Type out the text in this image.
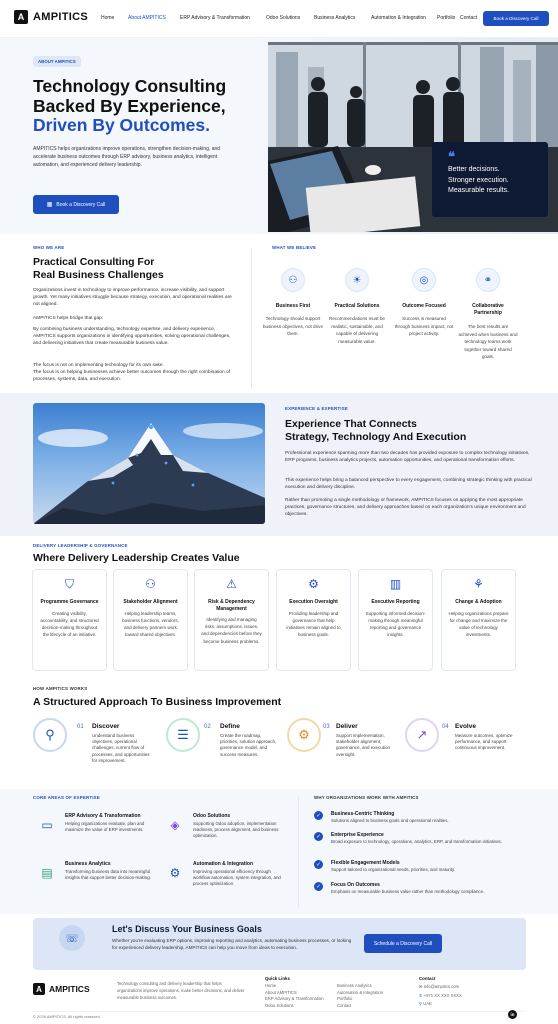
A AMPITICS	Home	About AMPITICS	ERP Advisory & Transformation	Odoo Solutions	Business Analytics	Automation & Integration	Portfolio Contact	Book a Discovery Call
ABOUT AMPITICS
Technology Consulting
Backed By Experience,
Driven By Outcomes.
AMPITICS helps organizations improve operations, strengthen decision-making, and accelerate business outcomes through ERP advisory, business analytics, intelligent automation, and experienced delivery leadership.
▦ Book a Discovery Call
❝
Better decisions.
Stronger execution.
Measurable results.
WHO WE ARE
Practical Consulting For
Real Business Challenges
Organizations invest in technology to improve performance, increase visibility, and support growth. Yet many initiatives struggle because strategy, execution, and operational realities are not aligned.
AMPITICS helps bridge that gap.
By combining business understanding, technology expertise, and delivery experience, AMPITICS supports organizations in identifying opportunities, solving operational challenges, and delivering initiatives that create measurable business value.
The focus is not on implementing technology for its own sake.
The focus is on helping businesses achieve better outcomes through the right combination of processes, systems, data, and execution.
WHAT WE BELIEVE
⚇
Business First
Technology should support business objectives, not drive them.
☀
Practical Solutions
Recommendations must be realistic, sustainable, and capable of delivering measurable value.
◎
Outcome Focused
Success is measured through business impact, not project activity.
⚭
Collaborative Partnership
The best results are achieved when business and technology teams work together toward shared goals.
EXPERIENCE & EXPERTISE
Experience That Connects
Strategy, Technology And Execution
Professional experience spanning more than two decades has provided exposure to complex technology initiatives, ERP programs, business analytics projects, automation opportunities, and operational transformation efforts.
This experience helps bring a balanced perspective to every engagement, combining strategic thinking with practical execution and delivery discipline.
Rather than promoting a single methodology or framework, AMPITICS focuses on applying the most appropriate practices, governance structures, and delivery approaches based on each organization's unique environment and objectives.
DELIVERY LEADERSHIP & GOVERNANCE
Where Delivery Leadership Creates Value
⛉
Programme Governance
Creating visibility, accountability, and structured decision-making throughout the lifecycle of an initiative.
⚇
Stakeholder Alignment
Helping leadership teams, business functions, vendors, and delivery partners work toward shared objectives.
⚠
Risk & Dependency Management
Identifying and managing risks, assumptions, issues, and dependencies before they become business problems.
⚙
Execution Oversight
Providing leadership and governance that help initiatives remain aligned to business goals.
▥
Executive Reporting
Supporting informed decision-making through meaningful reporting and governance insights.
⚘
Change & Adoption
Helping organizations prepare for change and maximize the value of technology investments.
HOW AMPITICS WORKS
A Structured Approach To Business Improvement
⚲	☰	⚙	↗
01 Discover
Understand business objectives, operational challenges, current flow of processes, and opportunities for improvement.
02 Define
Create the roadmap, priorities, solution approach, governance model, and success measures.
03 Deliver
Support implementation, stakeholder alignment, governance, and execution oversight.
04 Evolve
Measure outcomes, optimize performance, and support continuous improvement.
CORE AREAS OF EXPERTISE
▭
ERP Advisory & Transformation
Helping organizations evaluate, plan and maximize the value of ERP investments.	◈
Odoo Solutions
Supporting Odoo adoption, implementation readiness, process alignment, and business optimization.
▤
Business Analytics
Transforming business data into meaningful insights that support better decision-making.	⚙
Automation & Integration
Improving operational efficiency through workflow automation, system integration, and process optimization.
WHY ORGANIZATIONS WORK WITH AMPITICS
✓	Business-Centric Thinking
Solutions aligned to business goals and operational realities.
✓	Enterprise Experience
Broad exposure to technology, operations, analytics, ERP, and transformation initiatives.
✓	Flexible Engagement Models
Support tailored to organizational needs, priorities, and maturity.
✓	Focus On Outcomes
Emphasis on measurable business value rather than methodology compliance.
☏
Let's Discuss Your Business Goals
Whether you're evaluating ERP options, improving reporting and analytics, automating business processes, or looking for experienced delivery leadership, AMPITICS can help you move from ideas to execution.
Schedule a Discovery Call
A AMPITICS
Technology consulting and delivery leadership that helps organizations improve operations, make better decisions, and deliver measurable business outcomes.
Quick Links
Home
About AMPITICS
ERP Advisory & Transformation
Odoo Solutions
Business Analytics
Automation & Integration
Portfolio
Contact
Contact
✉ info@ampitics.com
✆ +971 XX XXX XXXX
⚲ UAE
© 2026 AMPITICS. All rights reserved.	in
